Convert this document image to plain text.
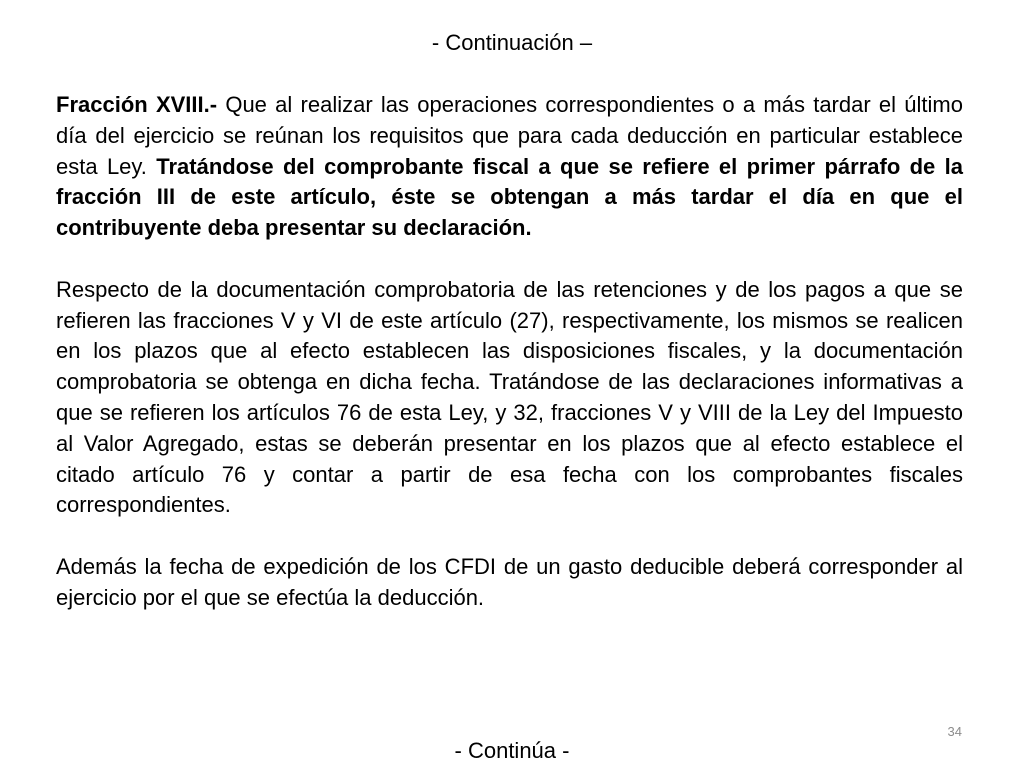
- Continuación –

Fracción XVIII.- Que al realizar las operaciones correspondientes o a más tardar el último día del ejercicio se reúnan los requisitos que para cada deducción en particular establece esta Ley. Tratándose del comprobante fiscal a que se refiere el primer párrafo de la fracción III de este artículo, éste se obtengan a más tardar el día en que el contribuyente deba presentar su declaración.

Respecto de la documentación comprobatoria de las retenciones y de los pagos a que se refieren las fracciones V y VI de este artículo (27), respectivamente, los mismos se realicen en los plazos que al efecto establecen las disposiciones fiscales, y la documentación comprobatoria se obtenga en dicha fecha. Tratándose de las declaraciones informativas a que se refieren los artículos 76 de esta Ley, y 32, fracciones V y VIII de la Ley del Impuesto al Valor Agregado, estas se deberán presentar en los plazos que al efecto establece el citado artículo 76 y contar a partir de esa fecha con los comprobantes fiscales correspondientes.

Además la fecha de expedición de los CFDI de un gasto deducible deberá corresponder al ejercicio por el que se efectúa la deducción.

34
- Continúa -
